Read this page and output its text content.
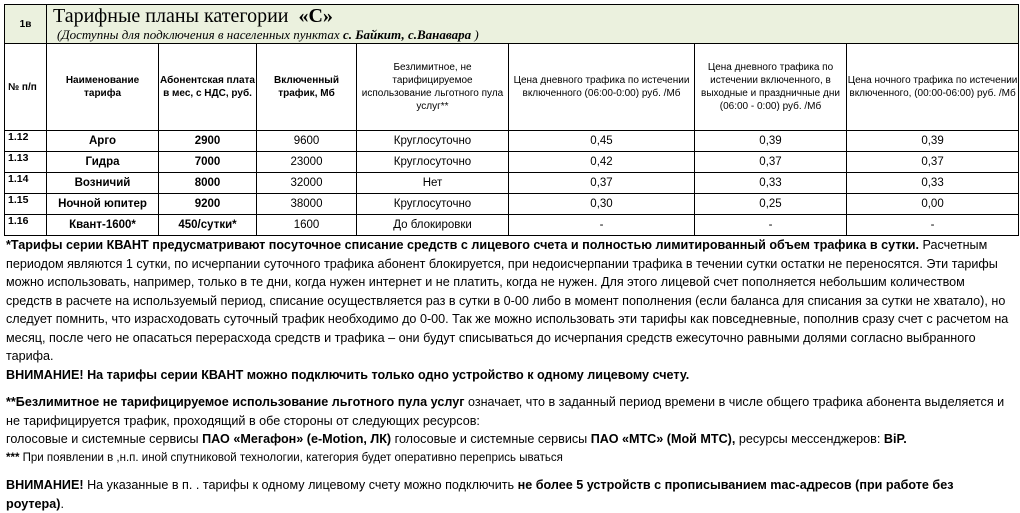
1в	Тарифные планы категории «С»
(Доступны для подключения в населенных пунктах с. Байкит, с.Ванавара )						

№ п/п	Наименование тарифа	Абонентская плата в мес, с НДС, руб.	Включенный трафик, Мб	Безлимитное, не тарифицируемое использование льготного пула услуг**	Цена дневного трафика по истечении включенного (06:00-0:00) руб. /Мб	Цена дневного трафика по истечении включенного, в выходные и праздничные дни (06:00 - 0:00) руб. /Мб	Цена ночного трафика по истечении включенного, (00:00-06:00) руб. /Мб
1.12	Арго	2900	9600	Круглосуточно	0,45	0,39	0,39
1.13	Гидра	7000	23000	Круглосуточно	0,42	0,37	0,37
1.14	Возничий	8000	32000	Нет	0,37	0,33	0,33
1.15	Ночной юпитер	9200	38000	Круглосуточно	0,30	0,25	0,00
1.16	Квант-1600*	450/сутки*	1600	До блокировки	-	-	-

*Тарифы серии КВАНТ предусматривают посуточное списание средств с лицевого счета и полностью лимитированный объем трафика в сутки. Расчетным периодом являются 1 сутки, по исчерпании суточного трафика абонент блокируется, при недоисчерпании трафика в течении сутки остатки не переносятся. Эти тарифы можно использовать, например, только в те дни, когда нужен интернет и не платить, когда не нужен. Для этого лицевой счет пополняется небольшим количеством средств в расчете на используемый период, списание осуществляется раз в сутки в 0-00 либо в момент пополнения (если баланса для списания за сутки не хватало), но следует помнить, что израсходовать суточный трафик необходимо до 0-00. Так же можно использовать эти тарифы как повседневные, пополнив сразу счет с расчетом на месяц, после чего не опасаться перерасхода средств и трафика – они будут списываться до исчерпания средств ежесуточно равными долями согласно выбранного тарифа.

ВНИМАНИЕ! На тарифы серии КВАНТ можно подключить только одно устройство к одному лицевому счету.

**Безлимитное не тарифицируемое использование льготного пула услуг означает, что в заданный период времени в числе общего трафика абонента выделяется и не тарифицируется трафик, проходящий в обе стороны от следующих ресурсов:

голосовые и системные сервисы ПАО «Мегафон» (e-Motion, ЛК) голосовые и системные сервисы ПАО «МТС» (Мой МТС), ресурсы мессенджеров: BiP.

*** При появлении в ,н.п. иной спутниковой технологии, категория будет оперативно перепрись ываться

ВНИМАНИЕ! На указанные в п. . тарифы к одному лицевому счету можно подключить не более 5 устройств с прописыванием mac-адресов (при работе без роутера).
